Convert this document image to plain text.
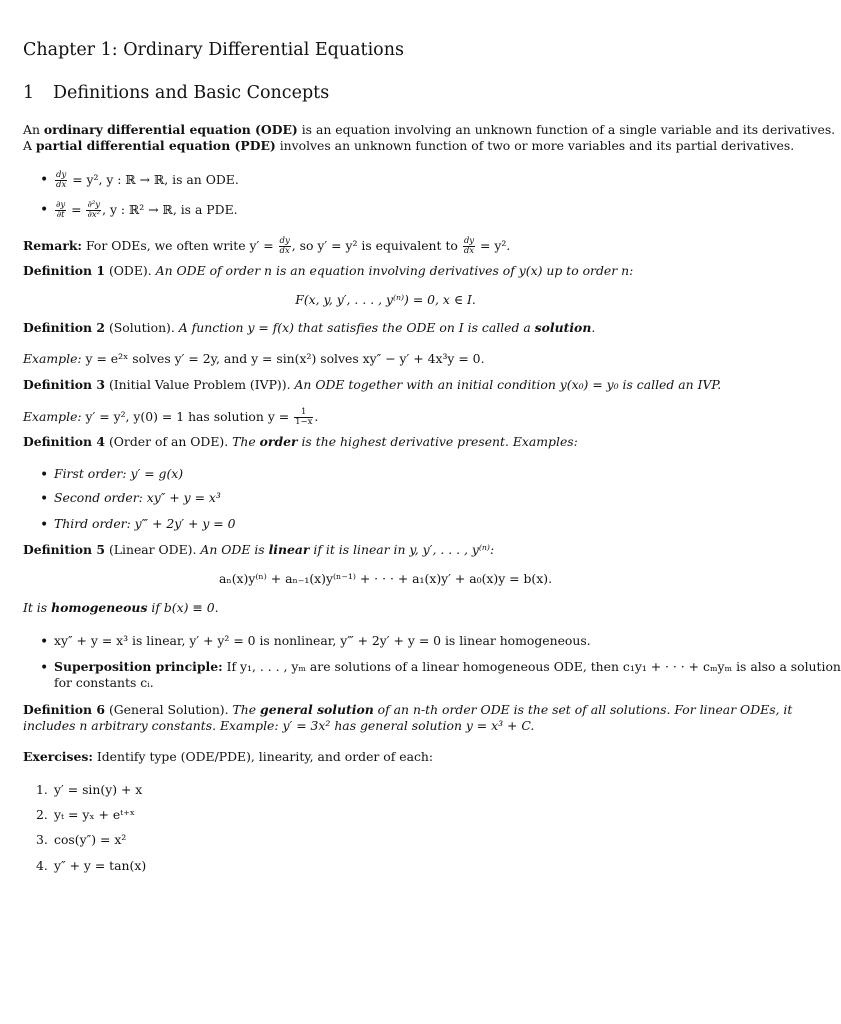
Chapter 1: Ordinary Differential Equations
1 Definitions and Basic Concepts
An ordinary differential equation (ODE) is an equation involving an unknown function of a single variable and its derivatives.
A partial differential equation (PDE) involves an unknown function of two or more variables and its partial derivatives.
• $\frac{dy}{dx} = y^2$, y : ℝ → ℝ, is an ODE.
• $\frac{\partial y}{\partial t} = \frac{\text{∂²y}}{\text{∂x²}}$ , y : ℝ² → ℝ, is a PDE.
Remark: For ODEs, we often write $y' = \frac{dy}{dx}$ , so y′ = y² is equivalent to $\frac{dy}{dx} = y^2$.
Definition 1 (ODE). An ODE of order n is an equation involving derivatives of y(x) up to order n:
F(x, y, y′, . . . , y⁽ⁿ⁾) = 0, x ∈ I.
Definition 2 (Solution). A function y = f(x) that satisfies the ODE on I is called a solution.
Example: y = e²ˣ solves y′ = 2y, and y = sin(x²) solves xy″ − y′ + 4x³y = 0.
Definition 3 (Initial Value Problem (IVP)). An ODE together with an initial condition y(x₀) = y₀ is called an IVP.
Example: y′ = y², y(0) = 1 has solution $y = \frac{1}{1-x}$ .
Definition 4 (Order of an ODE). The order is the highest derivative present. Examples:
• First order: y′ = g(x)
• Second order: xy″ + y = x³
• Third order: y‴ + 2y′ + y = 0
Definition 5 (Linear ODE). An ODE is linear if it is linear in y, y′, . . . , y⁽ⁿ⁾:
aₙ(x)y⁽ⁿ⁾ + aₙ₋₁(x)y⁽ⁿ⁻¹⁾ + · · · + a₁(x)y′ + a₀(x)y = b(x).
It is homogeneous if b(x) ≡ 0.
• xy″ + y = x³ is linear, y′ + y² = 0 is nonlinear, y‴ + 2y′ + y = 0 is linear homogeneous.
• Superposition principle: If y₁, . . . , yₘ are solutions of a linear homogeneous ODE, then c₁y₁ + · · · + cₘyₘ is also a solution
for constants cᵢ.
Definition 6 (General Solution). The general solution of an n-th order ODE is the set of all solutions. For linear ODEs, it
includes n arbitrary constants. Example: y′ = 3x² has general solution y = x³ + C.
Exercises: Identify type (ODE/PDE), linearity, and order of each:
1. y′ = sin(y) + x
2. yₜ = yₓ + eᵗ⁺ˣ
3. cos(y″) = x²
4. y″ + y = tan(x)
